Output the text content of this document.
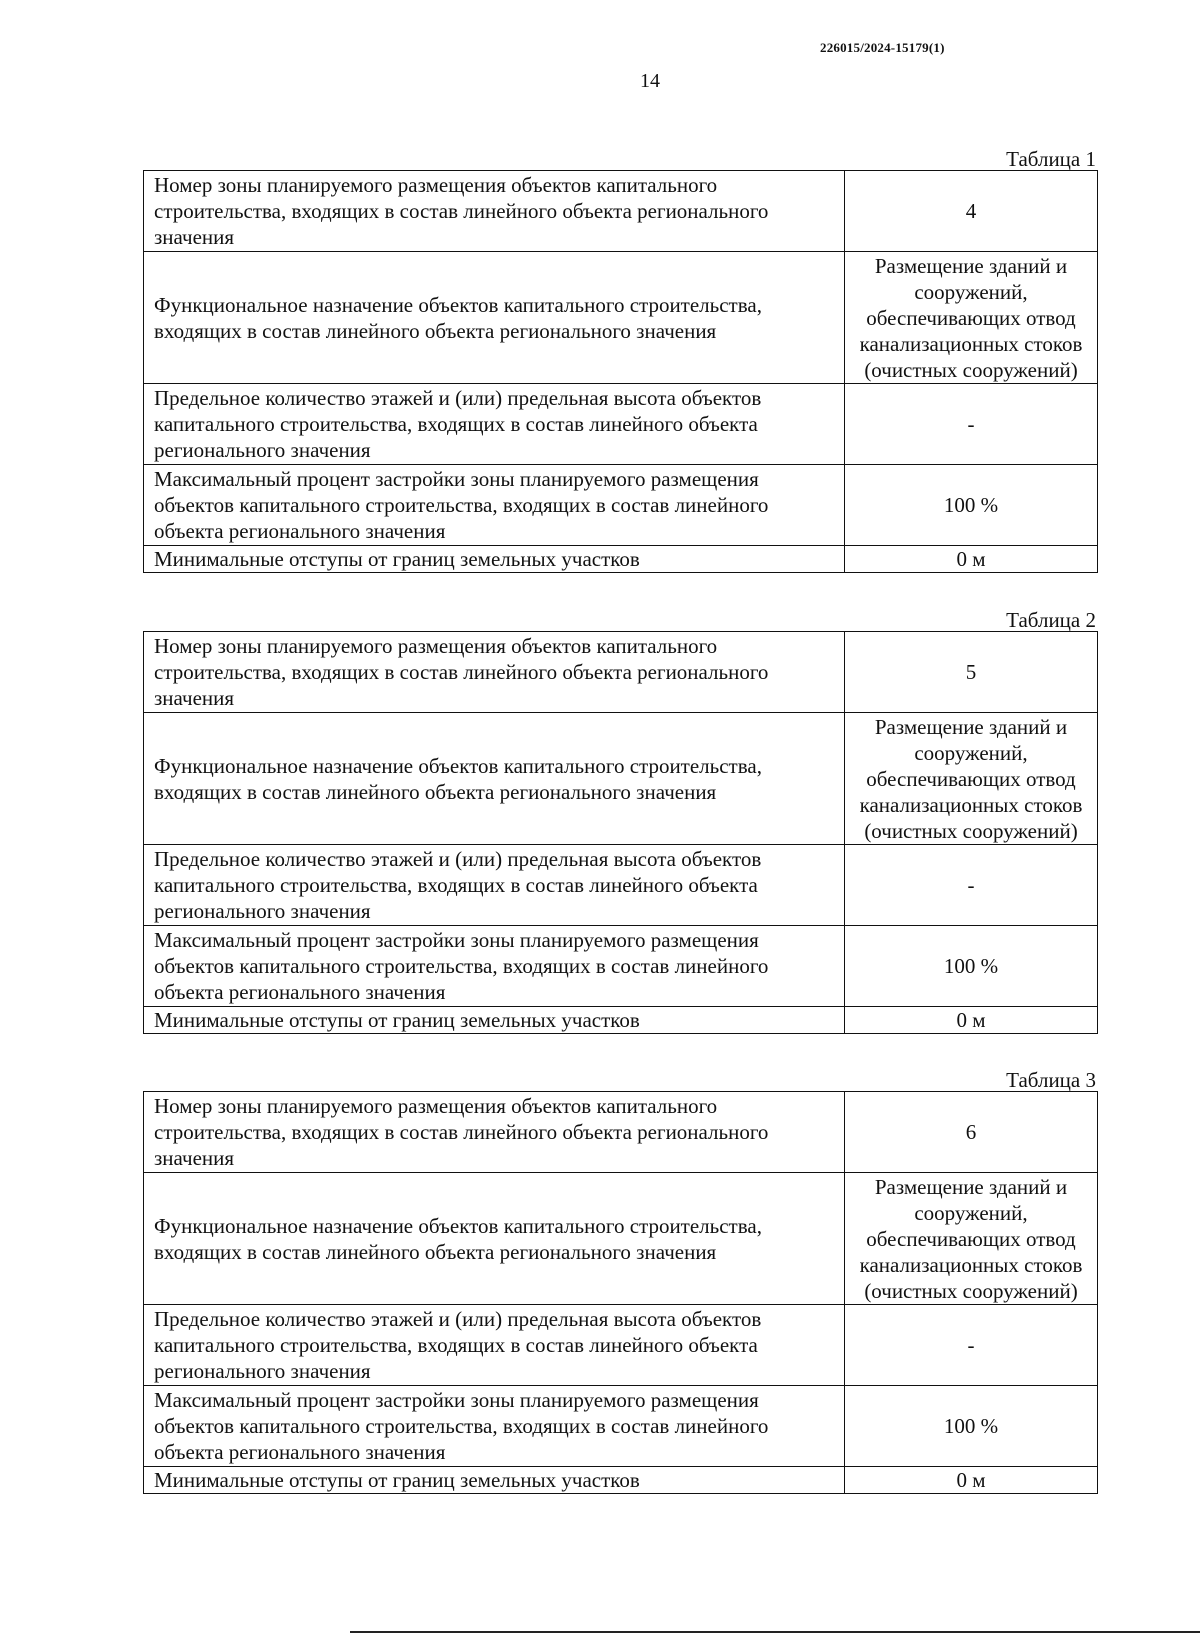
226015/2024-15179(1)
14
Таблица 1
Номер зоны планируемого размещения объектов капитального строительства, входящих в состав линейного объекта регионального значения	4
Функциональное назначение объектов капитального строительства, входящих в состав линейного объекта регионального значения	Размещение зданий и сооружений, обеспечивающих отвод канализационных стоков (очистных сооружений)
Предельное количество этажей и (или) предельная высота объектов капитального строительства, входящих в состав линейного объекта регионального значения	-
Максимальный процент застройки зоны планируемого размещения объектов капитального строительства, входящих в состав линейного объекта регионального значения	100 %
Минимальные отступы от границ земельных участков	0 м
Таблица 2
Номер зоны планируемого размещения объектов капитального строительства, входящих в состав линейного объекта регионального значения	5
Функциональное назначение объектов капитального строительства, входящих в состав линейного объекта регионального значения	Размещение зданий и сооружений, обеспечивающих отвод канализационных стоков (очистных сооружений)
Предельное количество этажей и (или) предельная высота объектов капитального строительства, входящих в состав линейного объекта регионального значения	-
Максимальный процент застройки зоны планируемого размещения объектов капитального строительства, входящих в состав линейного объекта регионального значения	100 %
Минимальные отступы от границ земельных участков	0 м
Таблица 3
Номер зоны планируемого размещения объектов капитального строительства, входящих в состав линейного объекта регионального значения	6
Функциональное назначение объектов капитального строительства, входящих в состав линейного объекта регионального значения	Размещение зданий и сооружений, обеспечивающих отвод канализационных стоков (очистных сооружений)
Предельное количество этажей и (или) предельная высота объектов капитального строительства, входящих в состав линейного объекта регионального значения	-
Максимальный процент застройки зоны планируемого размещения объектов капитального строительства, входящих в состав линейного объекта регионального значения	100 %
Минимальные отступы от границ земельных участков	0 м
